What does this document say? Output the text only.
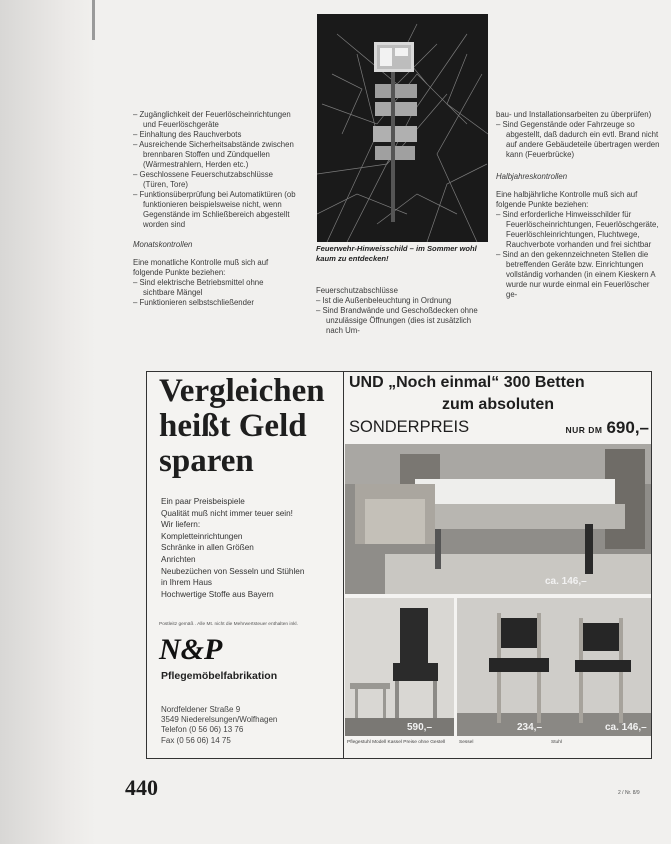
– Zugänglichkeit der Feuerlöscheinrichtungen und Feuerlöschgeräte

– Einhaltung des Rauchverbots

– Ausreichende Sicherheitsabstände zwischen brennbaren Stoffen und Zündquellen (Wärmestrahlern, Herden etc.)

– Geschlossene Feuerschutzabschlüsse (Türen, Tore)

– Funktionsüberprüfung bei Automatiktüren (ob funktionieren beispielsweise nicht, wenn Gegenstände im Schließbereich abgestellt worden sind

Monatskontrollen

Eine monatliche Kontrolle muß sich auf folgende Punkte beziehen:

– Sind elektrische Betriebsmittel ohne sichtbare Mängel

– Funktionieren selbstschließender

Feuerwehr-Hinweisschild – im Sommer wohl kaum zu entdecken!

Feuerschutzabschlüsse

– Ist die Außenbeleuchtung in Ordnung

– Sind Brandwände und Geschoßdecken ohne unzulässige Öffnungen (dies ist zusätzlich nach Um-

bau- und Installationsarbeiten zu überprüfen)

– Sind Gegenstände oder Fahrzeuge so abgestellt, daß dadurch ein evtl. Brand nicht auf andere Gebäudeteile übertragen werden kann (Feuerbrücke)

Halbjahreskontrollen

Eine halbjährliche Kontrolle muß sich auf folgende Punkte beziehen:

– Sind erforderliche Hinweisschilder für Feuerlöscheinrichtungen, Feuerlöschgeräte, Feuerlöschleinrichtungen, Fluchtwege, Rauchverbote vorhanden und frei sichtbar

– Sind an den gekennzeichneten Stellen die betreffenden Geräte bzw. Einrichtungen vollständig vorhanden (in einem Kieskern A wurde nur wurde einmal ein Feuerlöscher ge-

Vergleichen
heißt Geld
sparen
Ein paar Preisbeispiele
Qualität muß nicht immer teuer sein!
Wir liefern:
Kompletteinrichtungen
Schränke in allen Größen
Anrichten
Neubezüchen von Sesseln und Stühlen
in Ihrem Haus
Hochwertige Stoffe aus Bayern
Postleitz gemäß . Alle Mt. nicht die Mehrwertsteuer enthalten inkl.
N&P
Pflegemöbelfabrikation
Nordfeldener Straße 9
3549 Niederelsungen/Wolfhagen
Telefon (0 56 06) 13 76
Fax (0 56 06) 14 75
UND „Noch einmal“ 300 Betten
zum absoluten
SONDERPREIS	NUR DM 690,–
ca. 146,–
590,–	234,–	ca. 146,–
Pflegestuhl Modell Kassel Preise ohne Gestell	Sessel	Stuhl
440	2 / Nr. 8/9
